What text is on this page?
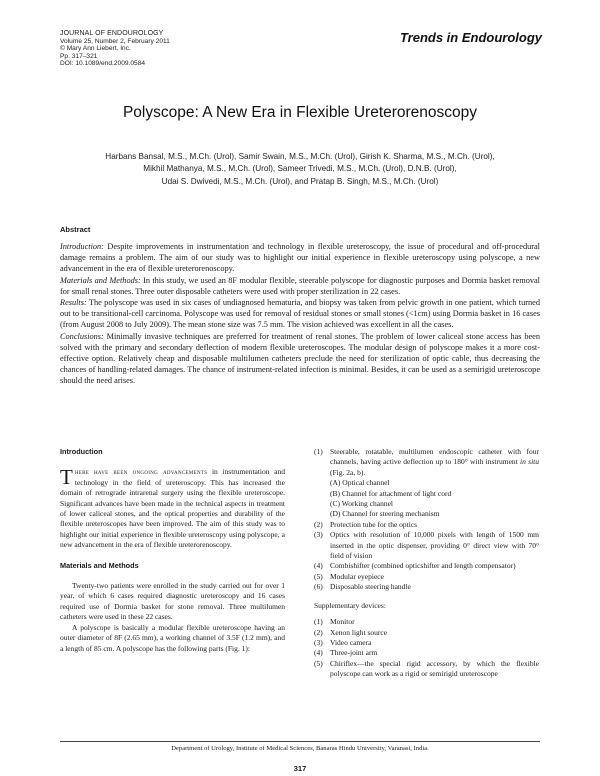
JOURNAL OF ENDOUROLOGY
Volume 25, Number 2, February 2011
© Mary Ann Liebert, Inc.
Pp. 317–321
DOI: 10.1089/end.2009.0584
Trends in Endourology
Polyscope: A New Era in Flexible Ureterorenoscopy
Harbans Bansal, M.S., M.Ch. (Urol), Samir Swain, M.S., M.Ch. (Urol), Girish K. Sharma, M.S., M.Ch. (Urol),
Mikhil Mathanya, M.S., M.Ch. (Urol), Sameer Trivedi, M.S., M.Ch. (Urol), D.N.B. (Urol),
Udai S. Dwivedi, M.S., M.Ch. (Urol), and Pratap B. Singh, M.S., M.Ch. (Urol)
Abstract

Introduction: Despite improvements in instrumentation and technology in flexible ureteroscopy, the issue of procedural and off-procedural damage remains a problem. The aim of our study was to highlight our initial experience in flexible ureteroscopy using polyscope, a new advancement in the era of flexible ureterorenoscopy.

Materials and Methods: In this study, we used an 8F modular flexible, steerable polyscope for diagnostic purposes and Dormia basket removal for small renal stones. Three outer disposable catheters were used with proper sterilization in 22 cases.

Results: The polyscope was used in six cases of undiagnosed hematuria, and biopsy was taken from pelvic growth in one patient, which turned out to be transitional-cell carcinoma. Polyscope was used for removal of residual stones or small stones (<1cm) using Dormia basket in 16 cases (from August 2008 to July 2009). The mean stone size was 7.5 mm. The vision achieved was excellent in all the cases.

Conclusions: Minimally invasive techniques are preferred for treatment of renal stones. The problem of lower caliceal stone access has been solved with the primary and secondary deflection of modern flexible ureteroscopes. The modular design of polyscope makes it a more cost-effective option. Relatively cheap and disposable multilumen catheters preclude the need for sterilization of optic cable, thus decreasing the chances of handling-related damages. The chance of instrument-related infection is minimal. Besides, it can be used as a semirigid ureteroscope should the need arises.

Introduction

There have been ongoing advancements in instrumentation and technology in the field of ureteroscopy. This has increased the domain of retrograde intrarenal surgery using the flexible ureteroscope. Significant advances have been made in the technical aspects in treatment of lower caliceal stones, and the optical properties and durability of the flexible ureteroscopes have been improved. The aim of this study was to highlight our initial experience in flexible ureteroscopy using polyscope, a new advancement in the era of flexible ureterorenoscopy.

Materials and Methods

Twenty-two patients were enrolled in the study carried out for over 1 year, of which 6 cases required diagnostic ureteroscopy and 16 cases required use of Dormia basket for stone removal. Three multilumen catheters were used in these 22 cases.

A polyscope is basically a modular flexible ureteroscope having an outer diameter of 8F (2.65 mm), a working channel of 3.5F (1.2 mm), and a length of 85 cm. A polyscope has the following parts (Fig. 1):

(1) Steerable, rotatable, multilumen endoscopic catheter with four channels, having active deflection up to 180° with instrument in situ (Fig. 2a, b).
(A) Optical channel
(B) Channel for attachment of light cord
(C) Working channel
(D) Channel for steering mechanism
(2) Protection tube for the optics
(3) Optics with resolution of 10,000 pixels with length of 1500 mm inserted in the optic dispenser, providing 0° direct view with 70° field of vision
(4) Combishifter (combined opticshifter and length compensator)
(5) Modular eyepiece
(6) Disposable steering handle
Supplementary devices:
(1) Monitor
(2) Xenon light source
(3) Video camera
(4) Three-joint arm
(5) Chiriflex—the special rigid accessory, by which the flexible polyscope can work as a rigid or semirigid ureteroscope
Department of Urology, Institute of Medical Sciences, Banaras Hindu University, Varanasi, India.
317
